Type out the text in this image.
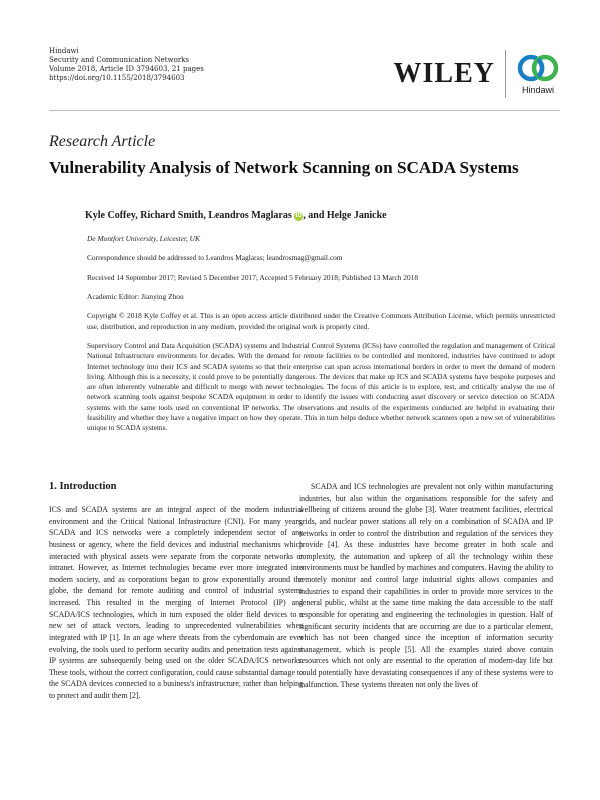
Hindawi
Security and Communication Networks
Volume 2018, Article ID 3794603, 21 pages
https://doi.org/10.1155/2018/3794603	WILEY
Hindawi
Research Article
Vulnerability Analysis of Network Scanning on SCADA Systems
Kyle Coffey, Richard Smith, Leandros Maglaras iD , and Helge Janicke
De Montfort University, Leicester, UK
Correspondence should be addressed to Leandros Maglaras; leandrosmag@gmail.com
Received 14 September 2017; Revised 5 December 2017; Accepted 5 February 2018; Published 13 March 2018
Academic Editor: Jianying Zhou
Copyright © 2018 Kyle Coffey et al. This is an open access article distributed under the Creative Commons Attribution License, which permits unrestricted use, distribution, and reproduction in any medium, provided the original work is properly cited.
Supervisory Control and Data Acquisition (SCADA) systems and Industrial Control Systems (ICSs) have controlled the regulation and management of Critical National Infrastructure environments for decades. With the demand for remote facilities to be controlled and monitored, industries have continued to adopt Internet technology into their ICS and SCADA systems so that their enterprise can span across international borders in order to meet the demand of modern living. Although this is a necessity, it could prove to be potentially dangerous. The devices that make up ICS and SCADA systems have bespoke purposes and are often inherently vulnerable and difficult to merge with newer technologies. The focus of this article is to explore, test, and critically analyse the use of network scanning tools against bespoke SCADA equipment in order to identify the issues with conducting asset discovery or service detection on SCADA systems with the same tools used on conventional IP networks. The observations and results of the experiments conducted are helpful in evaluating their feasibility and whether they have a negative impact on how they operate. This in turn helps deduce whether network scanners open a new set of vulnerabilities unique to SCADA systems.
1. Introduction
ICS and SCADA systems are an integral aspect of the modern industrial environment and the Critical National Infrastructure (CNI). For many years, SCADA and ICS networks were a completely independent sector of any business or agency, where the field devices and industrial mechanisms which interacted with physical assets were separate from the corporate networks or intranet. However, as Internet technologies became ever more integrated into modern society, and as corporations began to grow exponentially around the globe, the demand for remote auditing and control of industrial systems increased. This resulted in the merging of Internet Protocol (IP) and SCADA/ICS technologies, which in turn exposed the older field devices to a new set of attack vectors, leading to unprecedented vulnerabilities when integrated with IP [1]. In an age where threats from the cyberdomain are ever evolving, the tools used to perform security audits and penetration tests against IP systems are subsequently being used on the older SCADA/ICS networks. These tools, without the correct configuration, could cause substantial damage to the SCADA devices connected to a business's infrastructure, rather than helping to protect and audit them [2].
SCADA and ICS technologies are prevalent not only within manufacturing industries, but also within the organisations responsible for the safety and wellbeing of citizens around the globe [3]. Water treatment facilities, electrical grids, and nuclear power stations all rely on a combination of SCADA and IP networks in order to control the distribution and regulation of the services they provide [4]. As these industries have become greater in both scale and complexity, the automation and upkeep of all the technology within these environments must be handled by machines and computers. Having the ability to remotely monitor and control large industrial sights allows companies and industries to expand their capabilities in order to provide more services to the general public, whilst at the same time making the data accessible to the staff responsible for operating and engineering the technologies in question. Half of significant security incidents that are occurring are due to a particular element, which has not been changed since the inception of information security management, which is people [5]. All the examples stated above contain resources which not only are essential to the operation of modern-day life but could potentially have devastating consequences if any of these systems were to malfunction. These systems threaten not only the lives of
